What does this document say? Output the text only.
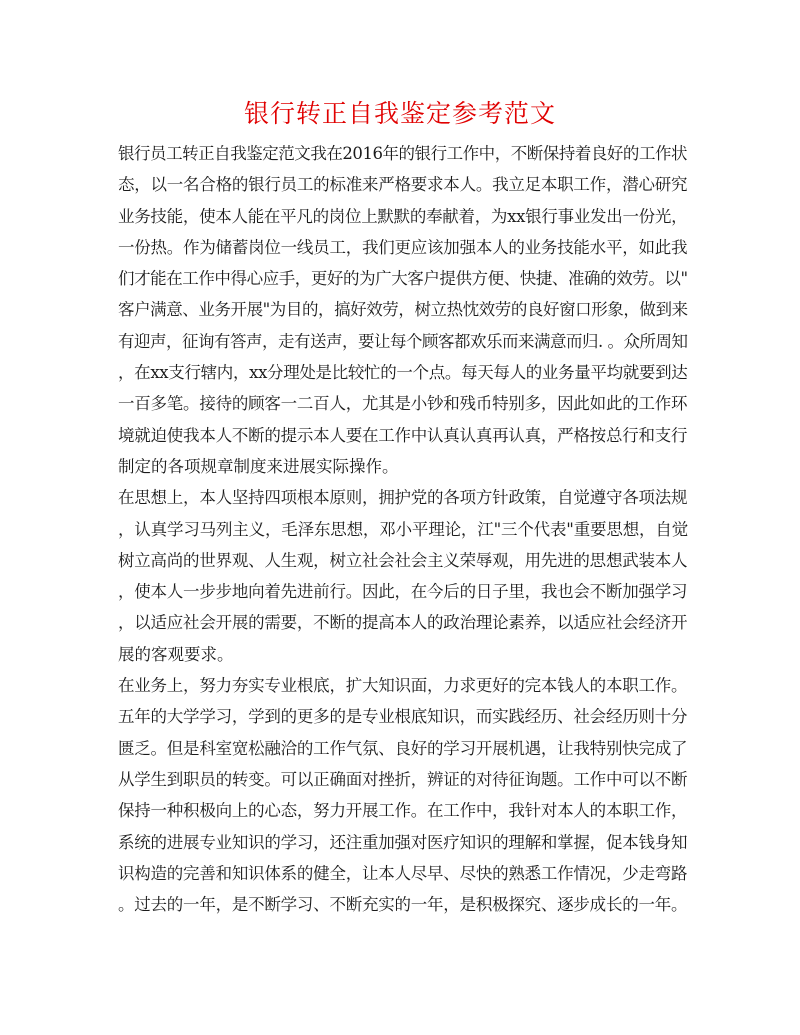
银行转正自我鉴定参考范文
银行员工转正自我鉴定范文我在2016年的银行工作中，不断保持着良好的工作状
态，以一名合格的银行员工的标准来严格要求本人。我立足本职工作，潜心研究
业务技能，使本人能在平凡的岗位上默默的奉献着，为xx银行事业发出一份光，
一份热。作为储蓄岗位一线员工，我们更应该加强本人的业务技能水平，如此我
们才能在工作中得心应手，更好的为广大客户提供方便、快捷、准确的效劳。以"
客户满意、业务开展"为目的，搞好效劳，树立热忱效劳的良好窗口形象，做到来
有迎声，征询有答声，走有送声，要让每个顾客都欢乐而来满意而归. 。众所周知
，在xx支行辖内，xx分理处是比较忙的一个点。每天每人的业务量平均就要到达
一百多笔。接待的顾客一二百人，尤其是小钞和残币特别多，因此如此的工作环
境就迫使我本人不断的提示本人要在工作中认真认真再认真，严格按总行和支行
制定的各项规章制度来进展实际操作。
在思想上，本人坚持四项根本原则，拥护党的各项方针政策，自觉遵守各项法规
，认真学习马列主义，毛泽东思想，邓小平理论，江"三个代表"重要思想，自觉
树立高尚的世界观、人生观，树立社会社会主义荣辱观，用先进的思想武装本人
，使本人一步步地向着先进前行。因此，在今后的日子里，我也会不断加强学习
，以适应社会开展的需要，不断的提高本人的政治理论素养，以适应社会经济开
展的客观要求。
在业务上，努力夯实专业根底，扩大知识面，力求更好的完本钱人的本职工作。
五年的大学学习，学到的更多的是专业根底知识，而实践经历、社会经历则十分
匮乏。但是科室宽松融洽的工作气氛、良好的学习开展机遇，让我特别快完成了
从学生到职员的转变。可以正确面对挫折，辨证的对待征询题。工作中可以不断
保持一种积极向上的心态，努力开展工作。在工作中，我针对本人的本职工作，
系统的进展专业知识的学习，还注重加强对医疗知识的理解和掌握，促本钱身知
识构造的完善和知识体系的健全，让本人尽早、尽快的熟悉工作情况，少走弯路
。过去的一年，是不断学习、不断充实的一年，是积极探究、逐步成长的一年。
